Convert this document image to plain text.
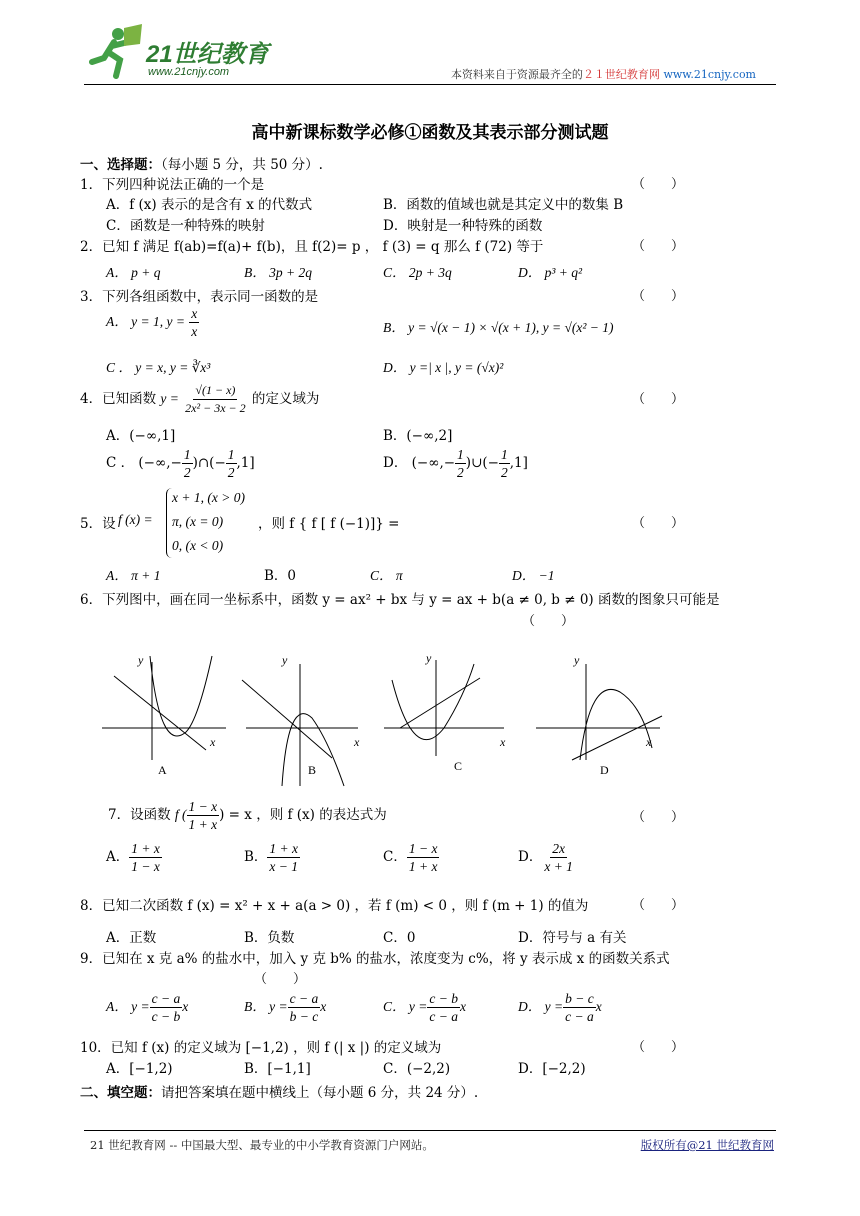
21世纪教育
www.21cnjy.com	本资料来自于资源最齐全的２１世纪教育网 www.21cnjy.com
高中新课标数学必修①函数及其表示部分测试题
一、选择题：（每小题 5 分，共 50 分）.
1．下列四种说法正确的一个是	（　　）
A．f (x) 表示的是含有 x 的代数式	B．函数的值域也就是其定义中的数集 B
C．函数是一种特殊的映射	D．映射是一种特殊的函数
2．已知 f 满足 f(ab)=f(a)+ f(b)，且 f(2)= p ， f (3) = q 那么 f (72) 等于	（　　）
A． p + q	B． 3p + 2q	C． 2p + 3q	D． p³ + q²
3．下列各组函数中，表示同一函数的是	（　　）
A． y = 1, $y = \frac{x}{x}$	B． y = √(x − 1) × √(x + 1), y = √(x² − 1)
C ． y = x, y = ∛x³	D． y =| x |, y = (√x)²
4．已知函数 $y = \frac{√(1 - x)}{\text{2x² − 3x − 2}}$ 的定义域为	（　　）
A．(−∞,1]	B．(−∞,2]
C ． (−∞,− $\frac{1}{2}$ )∩(− $\frac{1}{2} ,1$]	D． (−∞,− $\frac{1}{2}$ )∪(− $\frac{1}{2} ,1$]
5．设 f (x) =
x + 1, (x > 0)
π, (x = 0)
0, (x < 0)
，则 f { f [ f (−1)]} =	（　　）
A． π + 1	B．0	C． π	D． −1
6．下列图中，画在同一坐标系中，函数 y = ax² + bx 与 y = ax + b(a ≠ 0, b ≠ 0) 函数的图象只可能是
（　　）
y
x
A
y
x
B
y
x
C
y
x
D
7．设函数 f ( $\frac{1 - x}{1 + x}$ ) = x ，则 f (x) 的表达式为	（　　）
A． $\frac{1 + x}{1 - x}$	B． $\frac{1 + x}{x - 1}$	C． $\frac{1 - x}{1 + x}$	D． $\frac{2x}{x + 1}$
8．已知二次函数 f (x) = x² + x + a(a > 0) ，若 f (m) < 0 ，则 f (m + 1) 的值为	（　　）
A．正数	B．负数	C．0	D．符号与 a 有关
9．已知在 x 克 a% 的盐水中，加入 y 克 b% 的盐水，浓度变为 c%，将 y 表示成 x 的函数关系式
（　　）
A． $y = \frac{c - a}{c - b}$ x	B． $y = \frac{c - a}{b - c}$ x	C． $y = \frac{c - b}{c - a}$ x	D． $y = \frac{b - c}{c - a}$ x
10．已知 f (x) 的定义域为 [−1,2) ，则 f (| x |) 的定义域为	（　　）
A．[−1,2)	B．[−1,1]	C．(−2,2)	D．[−2,2)
二、填空题：请把答案填在题中横线上（每小题 6 分，共 24 分）.
21 世纪教育网 -- 中国最大型、最专业的中小学教育资源门户网站。	版权所有@21 世纪教育网
